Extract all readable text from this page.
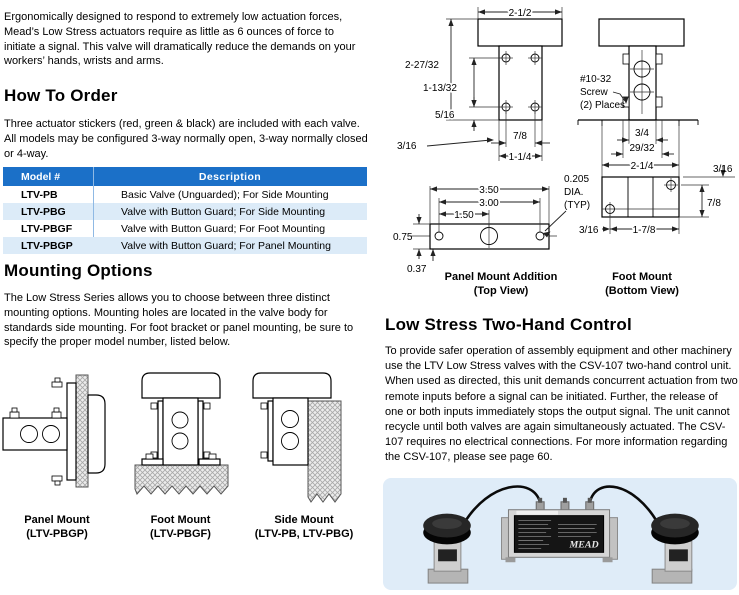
Ergonomically designed to respond to extremely low actuation forces, Mead’s Low Stress actuators require as little as 6 ounces of force to initiate a signal. This valve will dramatically reduce the demands on your workers’ hands, wrists and arms.

How To Order

Three actuator stickers (red, green & black) are included with each valve. All models may be configured 3-way normally open, 3-way normally closed or 4-way.

Model #	Description
LTV-PB	Basic Valve (Unguarded); For Side Mounting
LTV-PBG	Valve with Button Guard; For Side Mounting
LTV-PBGF	Valve with Button Guard; For Foot Mounting
LTV-PBGP	Valve with Button Guard; For Panel Mounting
Mounting Options

The Low Stress Series allows you to choose between three distinct mounting options. Mounting holes are located in the valve body for standards side mounting. For foot bracket or panel mounting, be sure to specify the proper model number, listed below.

Panel Mount
(LTV-PBGP)
Foot Mount
(LTV-PBGF)
Side Mount
(LTV-PB, LTV-PBG)
2-1/2
2-27/32
1-13/32
5/16
7/8
1-1/4
3/16
#10-32
Screw
(2) Places
3/4
29/32
2-1/4
3.50
3.00
1.50
0.75
0.37
0.205
DIA.
(TYP)
Panel Mount Addition
(Top View)
3/16
7/8
3/16	1-7/8
Foot Mount
(Bottom View)
Low Stress Two-Hand Control

To provide safer operation of assembly equipment and other machinery use the LTV Low Stress valves with the CSV-107 two-hand control unit. When used as directed, this unit demands concurrent actuation from two remote inputs before a signal can be initiated. Further, the release of one or both inputs immediately stops the output signal. The unit cannot recycle until both valves are again simultaneously actuated. The CSV-107 requires no electrical connections. For more information regarding the CSV-107, please see page 60.

MEAD
